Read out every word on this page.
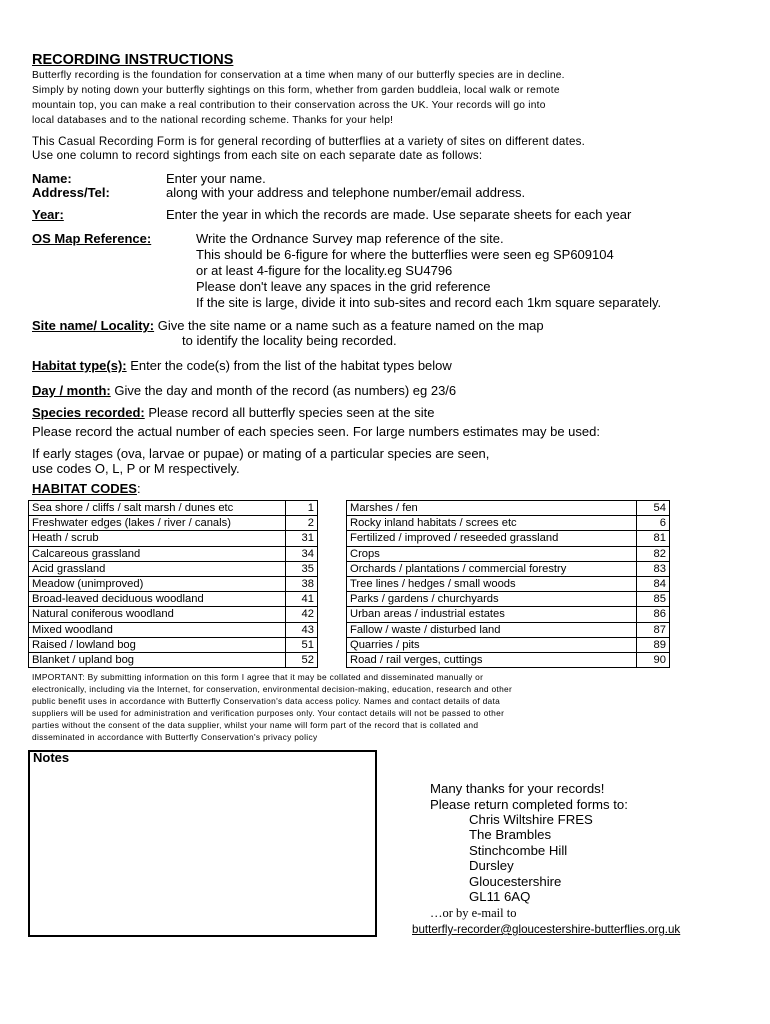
RECORDING INSTRUCTIONS
Butterfly recording is the foundation for conservation at a time when many of our butterfly species are in decline.
Simply by noting down your butterfly sightings on this form, whether from garden buddleia, local walk or remote
mountain top, you can make a real contribution to their conservation across the UK. Your records will go into
local databases and to the national recording scheme. Thanks for your help!
This Casual Recording Form is for general recording of butterflies at a variety of sites on different dates.
Use one column to record sightings from each site on each separate date as follows:
Name:	Enter your name.
Address/Tel:	along with your address and telephone number/email address.
Year:	Enter the year in which the records are made. Use separate sheets for each year
OS Map Reference:	Write the Ordnance Survey map reference of the site.
This should be 6-figure for where the butterflies were seen eg SP609104
or at least 4-figure for the locality.eg SU4796
Please don't leave any spaces in the grid reference
If the site is large, divide it into sub-sites and record each 1km square separately.
Site name/ Locality: Give the site name or a name such as a feature named on the map
to identify the locality being recorded.
Habitat type(s): Enter the code(s) from the list of the habitat types below
Day / month: Give the day and month of the record (as numbers) eg 23/6
Species recorded: Please record all butterfly species seen at the site
Please record the actual number of each species seen. For large numbers estimates may be used:
If early stages (ova, larvae or pupae) or mating of a particular species are seen,
use codes O, L, P or M respectively.
HABITAT CODES:
Sea shore / cliffs / salt marsh / dunes etc	1
Freshwater edges (lakes / river / canals)	2
Heath / scrub	31
Calcareous grassland	34
Acid grassland	35
Meadow (unimproved)	38
Broad-leaved deciduous woodland	41
Natural coniferous woodland	42
Mixed woodland	43
Raised / lowland bog	51
Blanket / upland bog	52
Marshes / fen	54
Rocky inland habitats / screes etc	6
Fertilized / improved / reseeded grassland	81
Crops	82
Orchards / plantations / commercial forestry	83
Tree lines / hedges / small woods	84
Parks / gardens / churchyards	85
Urban areas / industrial estates	86
Fallow / waste / disturbed land	87
Quarries / pits	89
Road / rail verges, cuttings	90
IMPORTANT: By submitting information on this form I agree that it may be collated and disseminated manually or
electronically, including via the Internet, for conservation, environmental decision-making, education, research and other
public benefit uses in accordance with Butterfly Conservation's data access policy. Names and contact details of data
suppliers will be used for administration and verification purposes only. Your contact details will not be passed to other
parties without the consent of the data supplier, whilst your name will form part of the record that is collated and
disseminated in accordance with Butterfly Conservation's privacy policy
Notes
Many thanks for your records!
Please return completed forms to:
Chris Wiltshire FRES
The Brambles
Stinchcombe Hill
Dursley
Gloucestershire
GL11 6AQ
…or by e-mail to
butterfly-recorder@gloucestershire-butterflies.org.uk
